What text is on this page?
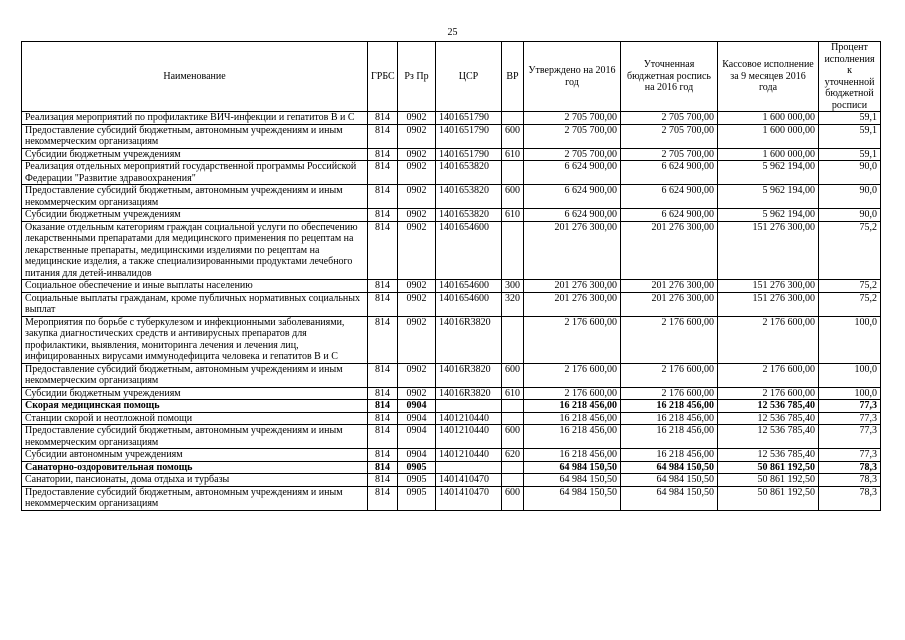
25
Наименование	ГРБС	Рз Пр	ЦСР	ВР	Утверждено на 2016 год	Уточненная бюджетная роспись на 2016 год	Кассовое исполнение за 9 месяцев 2016 года	Процент исполнения к уточненной бюджетной росписи
Реализация мероприятий по профилактике ВИЧ-инфекции и гепатитов В и С	814	0902	1401651790		2 705 700,00	2 705 700,00	1 600 000,00	59,1
Предоставление субсидий бюджетным, автономным учреждениям и иным некоммерческим организациям	814	0902	1401651790	600	2 705 700,00	2 705 700,00	1 600 000,00	59,1
Субсидии бюджетным учреждениям	814	0902	1401651790	610	2 705 700,00	2 705 700,00	1 600 000,00	59,1
Реализация отдельных мероприятий государственной программы Российской Федерации "Развитие здравоохранения"	814	0902	1401653820		6 624 900,00	6 624 900,00	5 962 194,00	90,0
Предоставление субсидий бюджетным, автономным учреждениям и иным некоммерческим организациям	814	0902	1401653820	600	6 624 900,00	6 624 900,00	5 962 194,00	90,0
Субсидии бюджетным учреждениям	814	0902	1401653820	610	6 624 900,00	6 624 900,00	5 962 194,00	90,0
Оказание отдельным категориям граждан социальной услуги по обеспечению лекарственными препаратами для медицинского применения по рецептам на лекарственные препараты, медицинскими изделиями по рецептам на медицинские изделия, а также специализированными продуктами лечебного питания для детей-инвалидов	814	0902	1401654600		201 276 300,00	201 276 300,00	151 276 300,00	75,2
Социальное обеспечение и иные выплаты населению	814	0902	1401654600	300	201 276 300,00	201 276 300,00	151 276 300,00	75,2
Социальные выплаты гражданам, кроме публичных нормативных социальных выплат	814	0902	1401654600	320	201 276 300,00	201 276 300,00	151 276 300,00	75,2
Мероприятия по борьбе с туберкулезом и инфекционными заболеваниями, закупка диагностических средств и антивирусных препаратов для профилактики, выявления, мониторинга лечения и лечения лиц, инфицированных вирусами иммунодефицита человека и гепатитов В и С	814	0902	14016R3820		2 176 600,00	2 176 600,00	2 176 600,00	100,0
Предоставление субсидий бюджетным, автономным учреждениям и иным некоммерческим организациям	814	0902	14016R3820	600	2 176 600,00	2 176 600,00	2 176 600,00	100,0
Субсидии бюджетным учреждениям	814	0902	14016R3820	610	2 176 600,00	2 176 600,00	2 176 600,00	100,0
Скорая медицинская помощь	814	0904			16 218 456,00	16 218 456,00	12 536 785,40	77,3
Станции скорой и неотложной помощи	814	0904	1401210440		16 218 456,00	16 218 456,00	12 536 785,40	77,3
Предоставление субсидий бюджетным, автономным учреждениям и иным некоммерческим организациям	814	0904	1401210440	600	16 218 456,00	16 218 456,00	12 536 785,40	77,3
Субсидии автономным учреждениям	814	0904	1401210440	620	16 218 456,00	16 218 456,00	12 536 785,40	77,3
Санаторно-оздоровительная помощь	814	0905			64 984 150,50	64 984 150,50	50 861 192,50	78,3
Санатории, пансионаты, дома отдыха и турбазы	814	0905	1401410470		64 984 150,50	64 984 150,50	50 861 192,50	78,3
Предоставление субсидий бюджетным, автономным учреждениям и иным некоммерческим организациям	814	0905	1401410470	600	64 984 150,50	64 984 150,50	50 861 192,50	78,3
